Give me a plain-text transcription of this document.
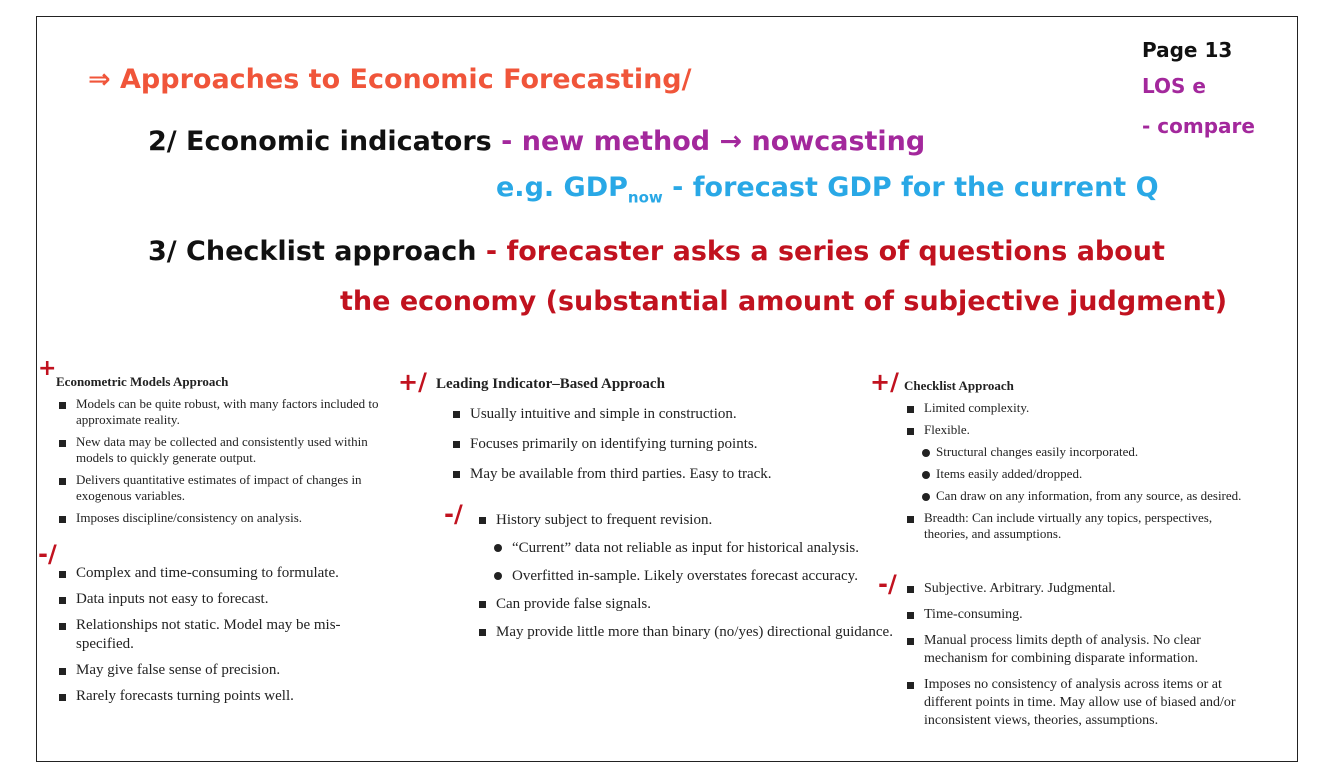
⇒ Approaches to Economic Forecasting/
Page 13
LOS e
- compare
2/ Economic indicators - new method → nowcasting
e.g. $GDP_{now}$ - forecast GDP for the current Q
3/ Checklist approach - forecaster asks a series of questions about
the economy (substantial amount of subjective judgment)
+
-/
+/
-/
+/
-/
Econometric Models Approach

Models can be quite robust, with many factors included to approximate reality.

New data may be collected and consistently used within models to quickly generate output.

Delivers quantitative estimates of impact of changes in exogenous variables.

Imposes discipline/consistency on analysis.

Complex and time-consuming to formulate.

Data inputs not easy to forecast.

Relationships not static. Model may be mis-specified.

May give false sense of precision.

Rarely forecasts turning points well.

Leading Indicator–Based Approach

Usually intuitive and simple in construction.

Focuses primarily on identifying turning points.

May be available from third parties. Easy to track.

History subject to frequent revision.

“Current” data not reliable as input for historical analysis.

Overfitted in-sample. Likely overstates forecast accuracy.

Can provide false signals.

May provide little more than binary (no/yes) directional guidance.

Checklist Approach

Limited complexity.

Flexible.

Structural changes easily incorporated.

Items easily added/dropped.

Can draw on any information, from any source, as desired.

Breadth: Can include virtually any topics, perspectives, theories, and assumptions.

Subjective. Arbitrary. Judgmental.

Time-consuming.

Manual process limits depth of analysis. No clear mechanism for combining disparate information.

Imposes no consistency of analysis across items or at different points in time. May allow use of biased and/or inconsistent views, theories, assumptions.
